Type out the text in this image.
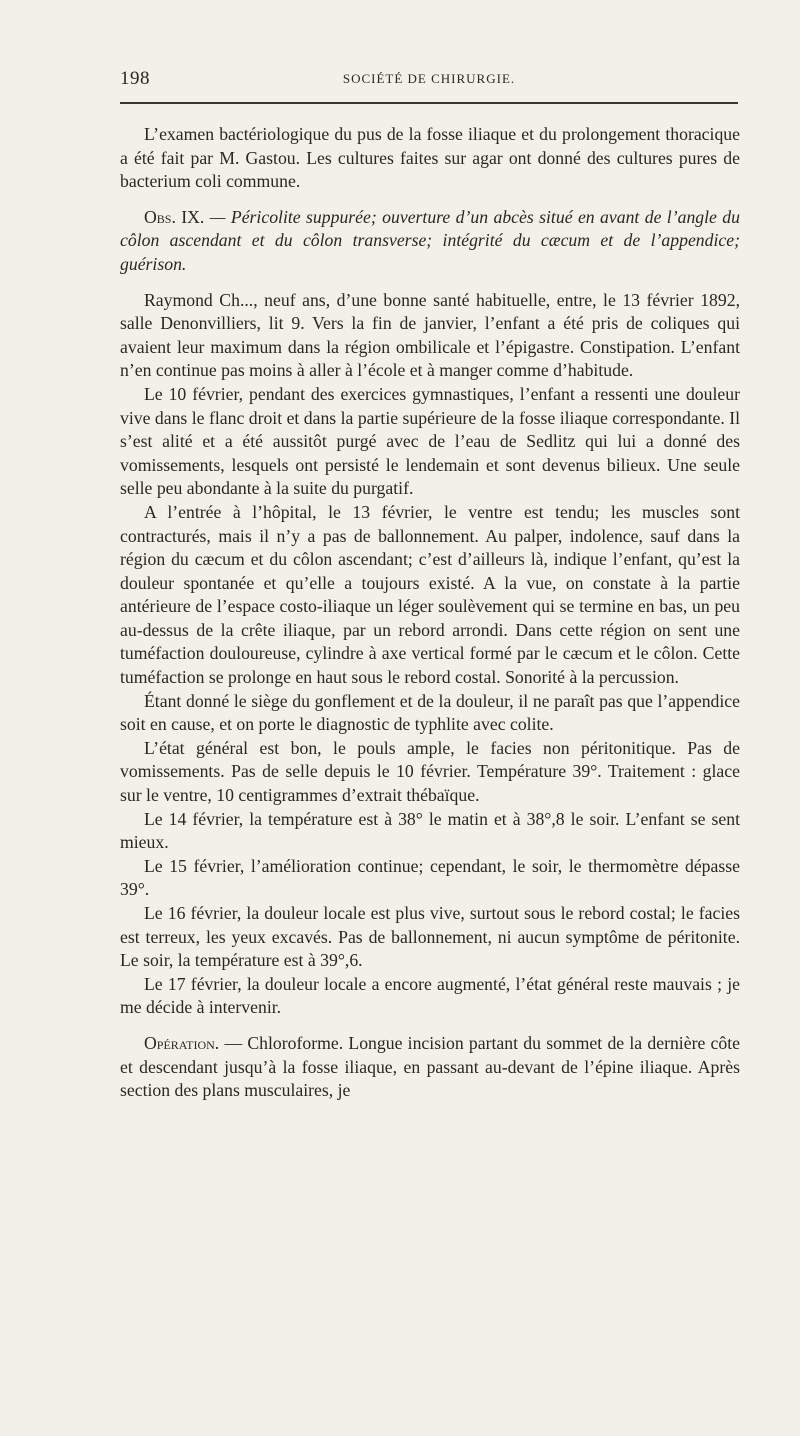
198	SOCIÉTÉ DE CHIRURGIE.

L’examen bactériologique du pus de la fosse iliaque et du prolongement thoracique a été fait par M. Gastou. Les cultures faites sur agar ont donné des cultures pures de bacterium coli commune.

Obs. IX. — Péricolite suppurée; ouverture d’un abcès situé en avant de l’angle du côlon ascendant et du côlon transverse; intégrité du cæcum et de l’appendice; guérison.

Raymond Ch..., neuf ans, d’une bonne santé habituelle, entre, le 13 février 1892, salle Denonvilliers, lit 9. Vers la fin de janvier, l’enfant a été pris de coliques qui avaient leur maximum dans la région ombilicale et l’épigastre. Constipation. L’enfant n’en continue pas moins à aller à l’école et à manger comme d’habitude.

Le 10 février, pendant des exercices gymnastiques, l’enfant a ressenti une douleur vive dans le flanc droit et dans la partie supérieure de la fosse iliaque correspondante. Il s’est alité et a été aussitôt purgé avec de l’eau de Sedlitz qui lui a donné des vomissements, lesquels ont persisté le lendemain et sont devenus bilieux. Une seule selle peu abondante à la suite du purgatif.

A l’entrée à l’hôpital, le 13 février, le ventre est tendu; les muscles sont contracturés, mais il n’y a pas de ballonnement. Au palper, indolence, sauf dans la région du cæcum et du côlon ascendant; c’est d’ailleurs là, indique l’enfant, qu’est la douleur spontanée et qu’elle a toujours existé. A la vue, on constate à la partie antérieure de l’espace costo-iliaque un léger soulèvement qui se termine en bas, un peu au-dessus de la crête iliaque, par un rebord arrondi. Dans cette région on sent une tuméfaction douloureuse, cylindre à axe vertical formé par le cæcum et le côlon. Cette tuméfaction se prolonge en haut sous le rebord costal. Sonorité à la percussion.

Étant donné le siège du gonflement et de la douleur, il ne paraît pas que l’appendice soit en cause, et on porte le diagnostic de typhlite avec colite.

L’état général est bon, le pouls ample, le facies non péritonitique. Pas de vomissements. Pas de selle depuis le 10 février. Température 39°. Traitement : glace sur le ventre, 10 centigrammes d’extrait thébaïque.

Le 14 février, la température est à 38° le matin et à 38°,8 le soir. L’enfant se sent mieux.

Le 15 février, l’amélioration continue; cependant, le soir, le thermomètre dépasse 39°.

Le 16 février, la douleur locale est plus vive, surtout sous le rebord costal; le facies est terreux, les yeux excavés. Pas de ballonnement, ni aucun symptôme de péritonite. Le soir, la température est à 39°,6.

Le 17 février, la douleur locale a encore augmenté, l’état général reste mauvais ; je me décide à intervenir.

Opération. — Chloroforme. Longue incision partant du sommet de la dernière côte et descendant jusqu’à la fosse iliaque, en passant au-devant de l’épine iliaque. Après section des plans musculaires, je
